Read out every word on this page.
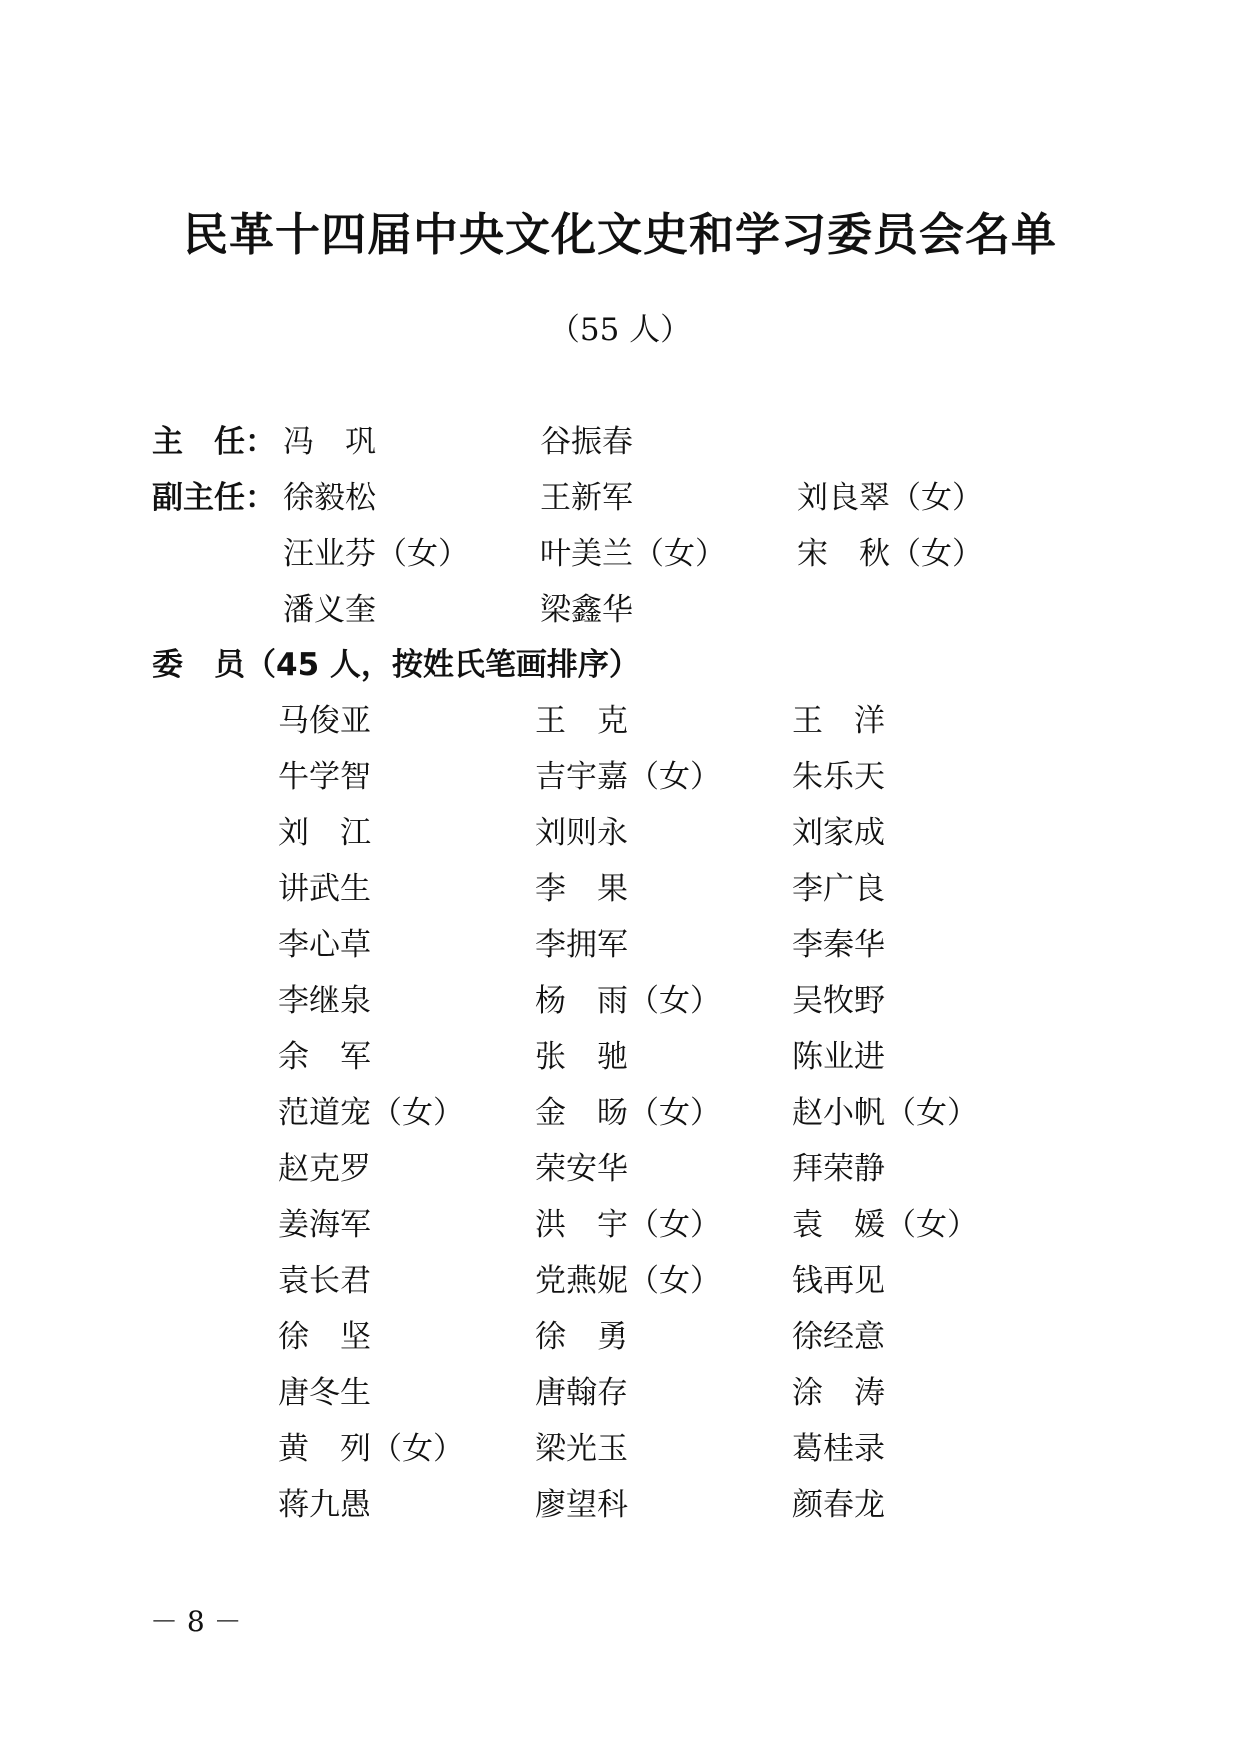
民革十四届中央文化文史和学习委员会名单
（55 人）
主　任： 冯　巩	谷振春
副主任： 徐毅松	王新军	刘良翠（女）
汪业芬（女） 叶美兰（女） 宋　秋（女）
潘义奎	梁鑫华
委　员（45 人，按姓氏笔画排序）
马俊亚	王　克	王　洋
牛学智	吉宇嘉（女） 朱乐天
刘　江	刘则永	刘家成
讲武生	李　果	李广良
李心草	李拥军	李秦华
李继泉	杨　雨（女） 吴牧野
余　军	张　驰	陈业进
范道宠（女） 金　旸（女） 赵小帆（女）
赵克罗	荣安华	拜荣静
姜海军	洪　宇（女） 袁　媛（女）
袁长君	党燕妮（女） 钱再见
徐　坚	徐　勇	徐经意
唐冬生	唐翰存	涂　涛
黄　列（女） 梁光玉	葛桂录
蒋九愚	廖望科	颜春龙
－ 8 －
